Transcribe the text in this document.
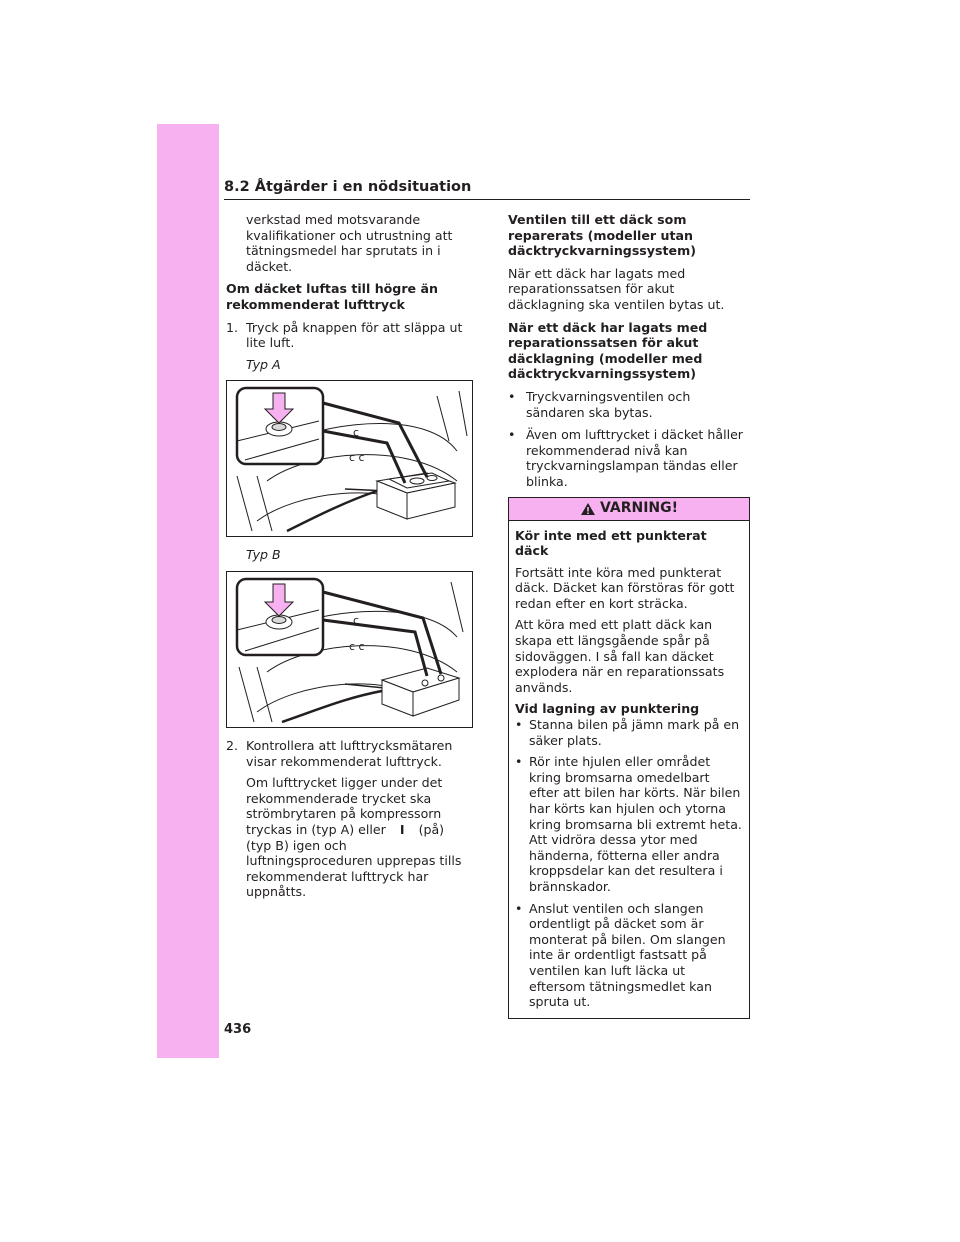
8.2 Åtgärder i en nödsituation

verkstad med motsvarande kvalifikationer och utrustning att tätningsmedel har sprutats in i däcket.

Om däcket luftas till högre än rekommenderat lufttryck

1. Tryck på knappen för att släppa ut lite luft.
Typ A
c
c c
Typ B
c
c c
2. Kontrollera att lufttrycksmätaren visar rekommenderat lufttryck.

Om lufttrycket ligger under det rekommenderade trycket ska strömbrytaren på kompressorn tryckas in (typ A) eller I (på) (typ B) igen och luftningsproceduren upprepas tills rekommenderat lufttryck har uppnåtts.

Ventilen till ett däck som reparerats (modeller utan däcktryckvarningssystem)

När ett däck har lagats med reparationssatsen för akut däcklagning ska ventilen bytas ut.

När ett däck har lagats med reparationssatsen för akut däcklagning (modeller med däcktryckvarningssystem)

• Tryckvarningsventilen och sändaren ska bytas.
• Även om lufttrycket i däcket håller rekommenderad nivå kan tryckvarningslampan tändas eller blinka.
VARNING!

Kör inte med ett punkterat däck

Fortsätt inte köra med punkterat däck. Däcket kan förstöras för gott redan efter en kort sträcka.

Att köra med ett platt däck kan skapa ett längsgående spår på sidoväggen. I så fall kan däcket explodera när en reparationssats används.

Vid lagning av punktering

• Stanna bilen på jämn mark på en säker plats.
• Rör inte hjulen eller området kring bromsarna omedelbart efter att bilen har körts. När bilen har körts kan hjulen och ytorna kring bromsarna bli extremt heta. Att vidröra dessa ytor med händerna, fötterna eller andra kroppsdelar kan det resultera i brännskador.
• Anslut ventilen och slangen ordentligt på däcket som är monterat på bilen. Om slangen inte är ordentligt fastsatt på ventilen kan luft läcka ut eftersom tätningsmedlet kan spruta ut.
436
